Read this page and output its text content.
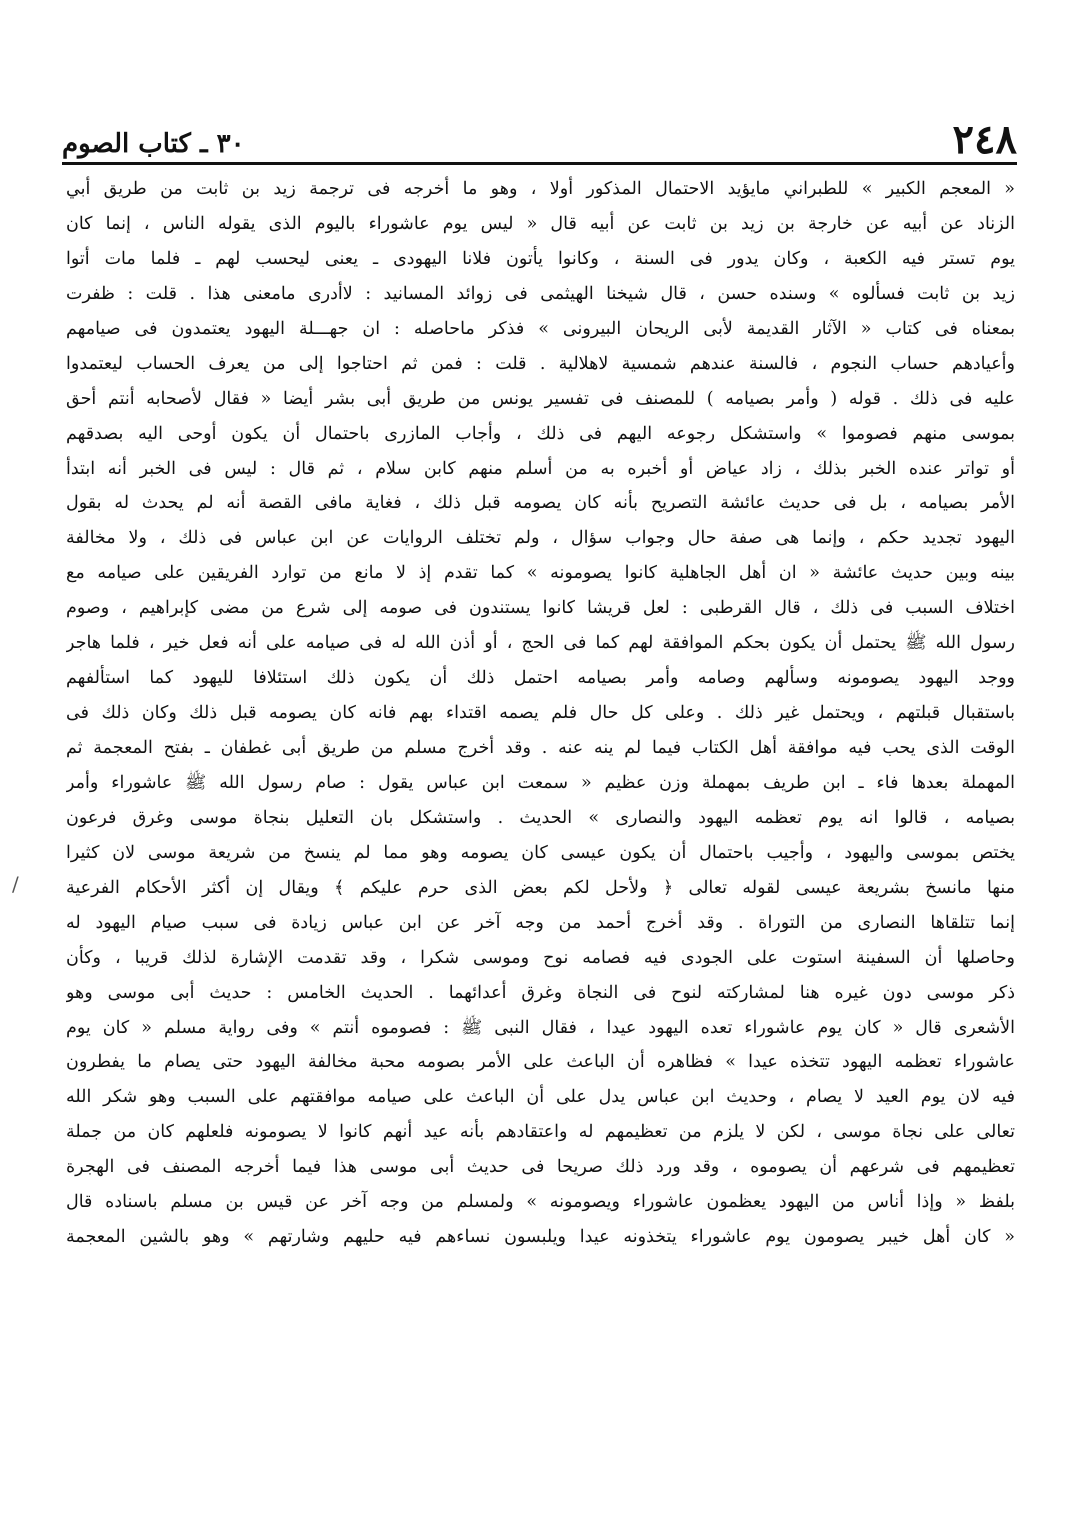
٢٤٨
٣٠ ـ كتاب الصوم
« المعجم الكبير » للطبراني مايؤيد الاحتمال المذكور أولا ، وهو ما أخرجه فى ترجمة زيد بن ثابت من طريق أبي
الزناد عن أبيه عن خارجة بن زيد بن ثابت عن أبيه قال « ليس يوم عاشوراء باليوم الذى يقوله الناس ، إنما كان
يوم تستر فيه الكعبة ، وكان يدور فى السنة ، وكانوا يأتون فلانا اليهودى ـ يعنى ليحسب لهم ـ فلما مات أتوا
زيد بن ثابت فسألوه » وسنده حسن ، قال شيخنا الهيثمى فى زوائد المسانيد : لاأدرى مامعنى هذا . قلت : ظفرت
بمعناه فى كتاب « الآثار القديمة لأبى الريحان البيرونى » فذكر ماحاصله : ان جهـــلة اليهود يعتمدون فى صيامهم
وأعيادهم حساب النجوم ، فالسنة عندهم شمسية لاهلالية . قلت : فمن ثم احتاجوا إلى من يعرف الحساب ليعتمدوا
عليه فى ذلك . قوله ( وأمر بصيامه ) للمصنف فى تفسير يونس من طريق أبى بشر أيضا « فقال لأصحابه أنتم أحق
بموسى منهم فصوموا » واستشكل رجوعه اليهم فى ذلك ، وأجاب المازرى باحتمال أن يكون أوحى اليه بصدقهم
أو تواتر عنده الخبر بذلك ، زاد عياض أو أخبره به من أسلم منهم كابن سلام ، ثم قال : ليس فى الخبر أنه ابتدأ
الأمر بصيامه ، بل فى حديث عائشة التصريح بأنه كان يصومه قبل ذلك ، فغاية مافى القصة أنه لم يحدث له بقول
اليهود تجديد حكم ، وإنما هى صفة حال وجواب سؤال ، ولم تختلف الروايات عن ابن عباس فى ذلك ، ولا مخالفة
بينه وبين حديث عائشة « ان أهل الجاهلية كانوا يصومونه » كما تقدم إذ لا مانع من توارد الفريقين على صيامه مع
اختلاف السبب فى ذلك ، قال القرطبى : لعل قريشا كانوا يستندون فى صومه إلى شرع من مضى كإبراهيم ، وصوم
رسول الله ﷺ يحتمل أن يكون بحكم الموافقة لهم كما فى الحج ، أو أذن الله له فى صيامه على أنه فعل خير ، فلما هاجر
ووجد اليهود يصومونه وسألهم وصامه وأمر بصيامه احتمل ذلك أن يكون ذلك استئلافا لليهود كما استألفهم
باستقبال قبلتهم ، ويحتمل غير ذلك . وعلى كل حال فلم يصمه اقتداء بهم فانه كان يصومه قبل ذلك وكان ذلك فى
الوقت الذى يحب فيه موافقة أهل الكتاب فيما لم ينه عنه . وقد أخرج مسلم من طريق أبى غطفان ـ بفتح المعجمة ثم
المهملة بعدها فاء ـ ابن طريف بمهملة وزن عظيم « سمعت ابن عباس يقول : صام رسول الله ﷺ عاشوراء وأمر
بصيامه ، قالوا انه يوم تعظمه اليهود والنصارى » الحديث . واستشكل بان التعليل بنجاة موسى وغرق فرعون
يختص بموسى واليهود ، وأجيب باحتمال أن يكون عيسى كان يصومه وهو مما لم ينسخ من شريعة موسى لان كثيرا
منها مانسخ بشريعة عيسى لقوله تعالى ﴿ ولأحل لكم بعض الذى حرم عليكم ﴾ ويقال إن أكثر الأحكام الفرعية
إنما تتلقاها النصارى من التوراة . وقد أخرج أحمد من وجه آخر عن ابن عباس زيادة فى سبب صيام اليهود له
وحاصلها أن السفينة استوت على الجودى فيه فصامه نوح وموسى شكرا ، وقد تقدمت الإشارة لذلك قريبا ، وكأن
ذكر موسى دون غيره هنا لمشاركته لنوح فى النجاة وغرق أعدائهما . الحديث الخامس : حديث أبى موسى وهو
الأشعرى قال « كان يوم عاشوراء تعده اليهود عيدا ، فقال النبى ﷺ : فصوموه أنتم » وفى رواية مسلم « كان يوم
عاشوراء تعظمه اليهود تتخذه عيدا » فظاهره أن الباعث على الأمر بصومه محبة مخالفة اليهود حتى يصام ما يفطرون
فيه لان يوم العيد لا يصام ، وحديث ابن عباس يدل على أن الباعث على صيامه موافقتهم على السبب وهو شكر الله
تعالى على نجاة موسى ، لكن لا يلزم من تعظيمهم له واعتقادهم بأنه عيد أنهم كانوا لا يصومونه فلعلهم كان من جملة
تعظيمهم فى شرعهم أن يصوموه ، وقد ورد ذلك صريحا فى حديث أبى موسى هذا فيما أخرجه المصنف فى الهجرة
بلفظ « وإذا أناس من اليهود يعظمون عاشوراء ويصومونه » ولمسلم من وجه آخر عن قيس بن مسلم باسناده قال
« كان أهل خيبر يصومون يوم عاشوراء يتخذونه عيدا ويلبسون نساءهم فيه حليهم وشارتهم » وهو بالشين المعجمة
/
